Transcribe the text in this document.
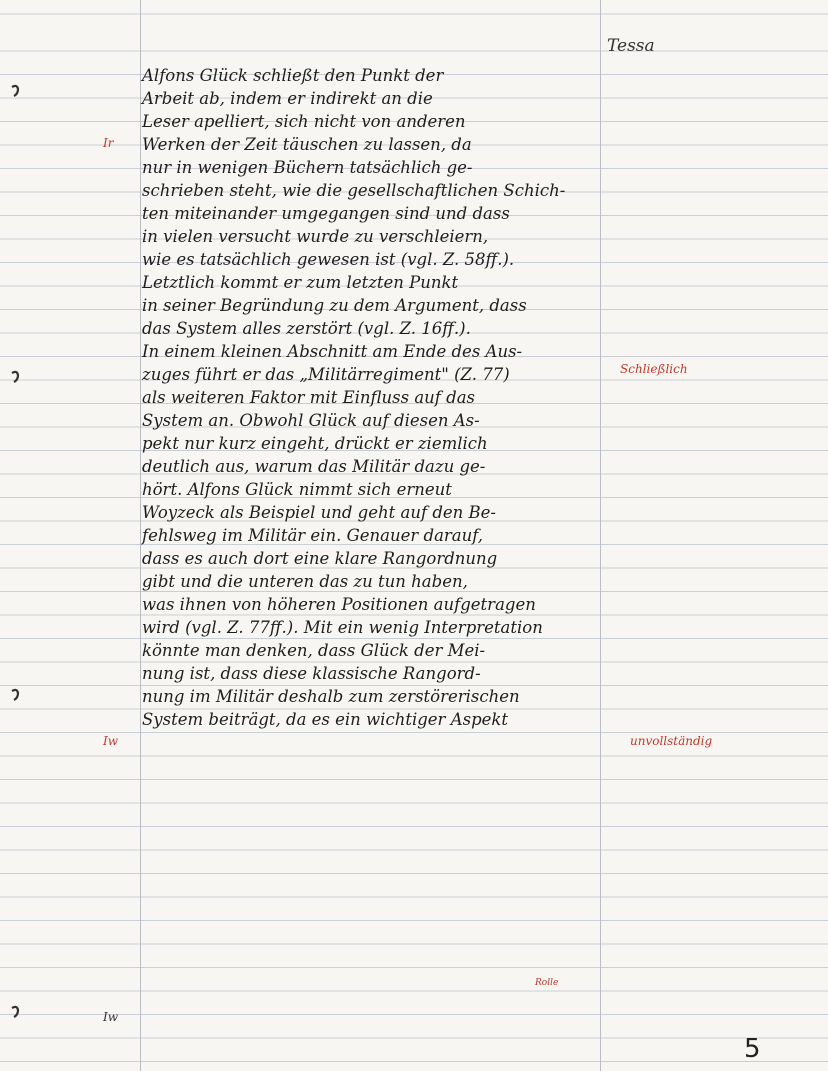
Tessa
Ir
Iw
Iw
Alfons Glück schließt den Punkt der
Arbeit ab, indem er indirekt an die
Leser apelliert, sich nicht von anderen
Werken der Zeit täuschen zu lassen, da
nur in wenigen Büchern tatsächlich ge-
schrieben steht, wie die gesellschaftlichen Schich-
ten miteinander umgegangen sind und dass
in vielen versucht wurde zu verschleiern,
wie es tatsächlich gewesen ist (vgl. Z. 58ff.).
Letztlich kommt er zum letzten Punkt
in seiner Begründung zu dem Argument, dass
das System alles zerstört (vgl. Z. 16ff.).
In einem kleinen Abschnitt am Ende des Aus-
zuges führt er das „Militärregiment" (Z. 77)
als weiteren Faktor mit Einfluss auf das
System an. Obwohl Glück auf diesen As-
pekt nur kurz eingeht, drückt er ziemlich
deutlich aus, warum das Militär dazu ge-
hört. Alfons Glück nimmt sich erneut
Woyzeck als Beispiel und geht auf den Be-
fehlsweg im Militär ein. Genauer darauf,
dass es auch dort eine klare Rangordnung
gibt und die unteren das zu tun haben,
was ihnen von höheren Positionen aufgetragen
wird (vgl. Z. 77ff.). Mit ein wenig Interpretation
könnte man denken, dass Glück der Mei-
nung ist, dass diese klassische Rangord-
nung im Militär deshalb zum zerstörerischen
System beiträgt, da es ein wichtiger Aspekt
Schließlich
unvollständig
Rolle
5
